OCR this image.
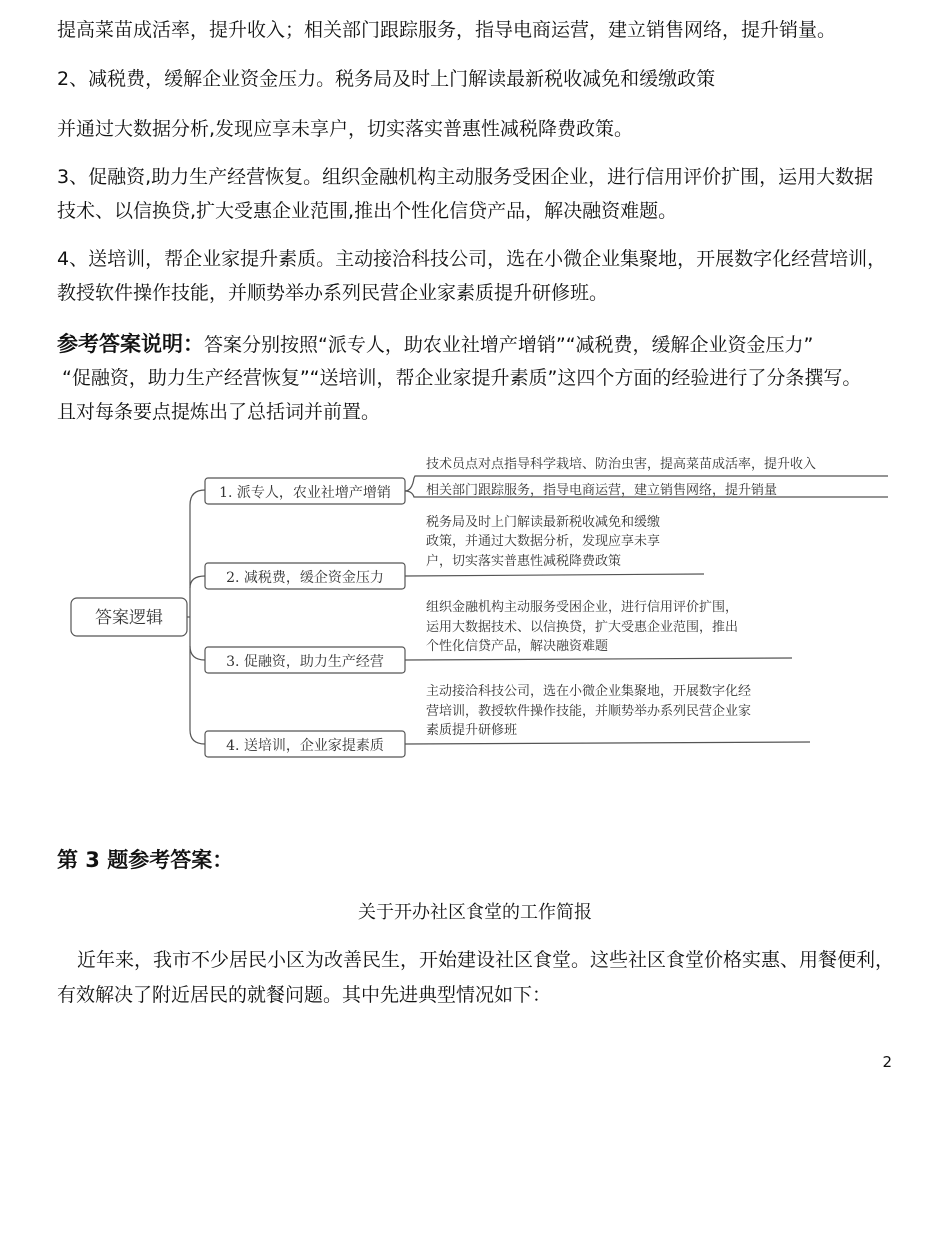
提高菜苗成活率，提升收入；相关部门跟踪服务，指导电商运营，建立销售网络，提升销量。

2、减税费，缓解企业资金压力。税务局及时上门解读最新税收减免和缓缴政策

并通过大数据分析,发现应享未享户，切实落实普惠性减税降费政策。

3、促融资,助力生产经营恢复。组织金融机构主动服务受困企业，进行信用评价扩围，运用大数据

技术、以信换贷,扩大受惠企业范围,推出个性化信贷产品，解决融资难题。

4、送培训，帮企业家提升素质。主动接洽科技公司，选在小微企业集聚地，开展数字化经营培训，

教授软件操作技能，并顺势举办系列民营企业家素质提升研修班。

参考答案说明：答案分别按照“派专人，助农业社增产增销”“减税费，缓解企业资金压力”

“促融资，助力生产经营恢复”“送培训，帮企业家提升素质”这四个方面的经验进行了分条撰写。

且对每条要点提炼出了总括词并前置。

答案逻辑
1. 派专人，农业社增产增销
2. 减税费，缓企资金压力
3. 促融资，助力生产经营
4. 送培训，企业家提素质
技术员点对点指导科学栽培、防治虫害，提高菜苗成活率，提升收入
相关部门跟踪服务，指导电商运营，建立销售网络，提升销量
税务局及时上门解读最新税收减免和缓缴
政策，并通过大数据分析，发现应享未享
户，切实落实普惠性减税降费政策
组织金融机构主动服务受困企业，进行信用评价扩围，
运用大数据技术、以信换贷，扩大受惠企业范围，推出
个性化信贷产品，解决融资难题
主动接洽科技公司，选在小微企业集聚地，开展数字化经
营培训，教授软件操作技能，并顺势举办系列民营企业家
素质提升研修班
第 3 题参考答案：
关于开办社区食堂的工作简报

近年来，我市不少居民小区为改善民生，开始建设社区食堂。这些社区食堂价格实惠、用餐便利，

有效解决了附近居民的就餐问题。其中先进典型情况如下：

2
